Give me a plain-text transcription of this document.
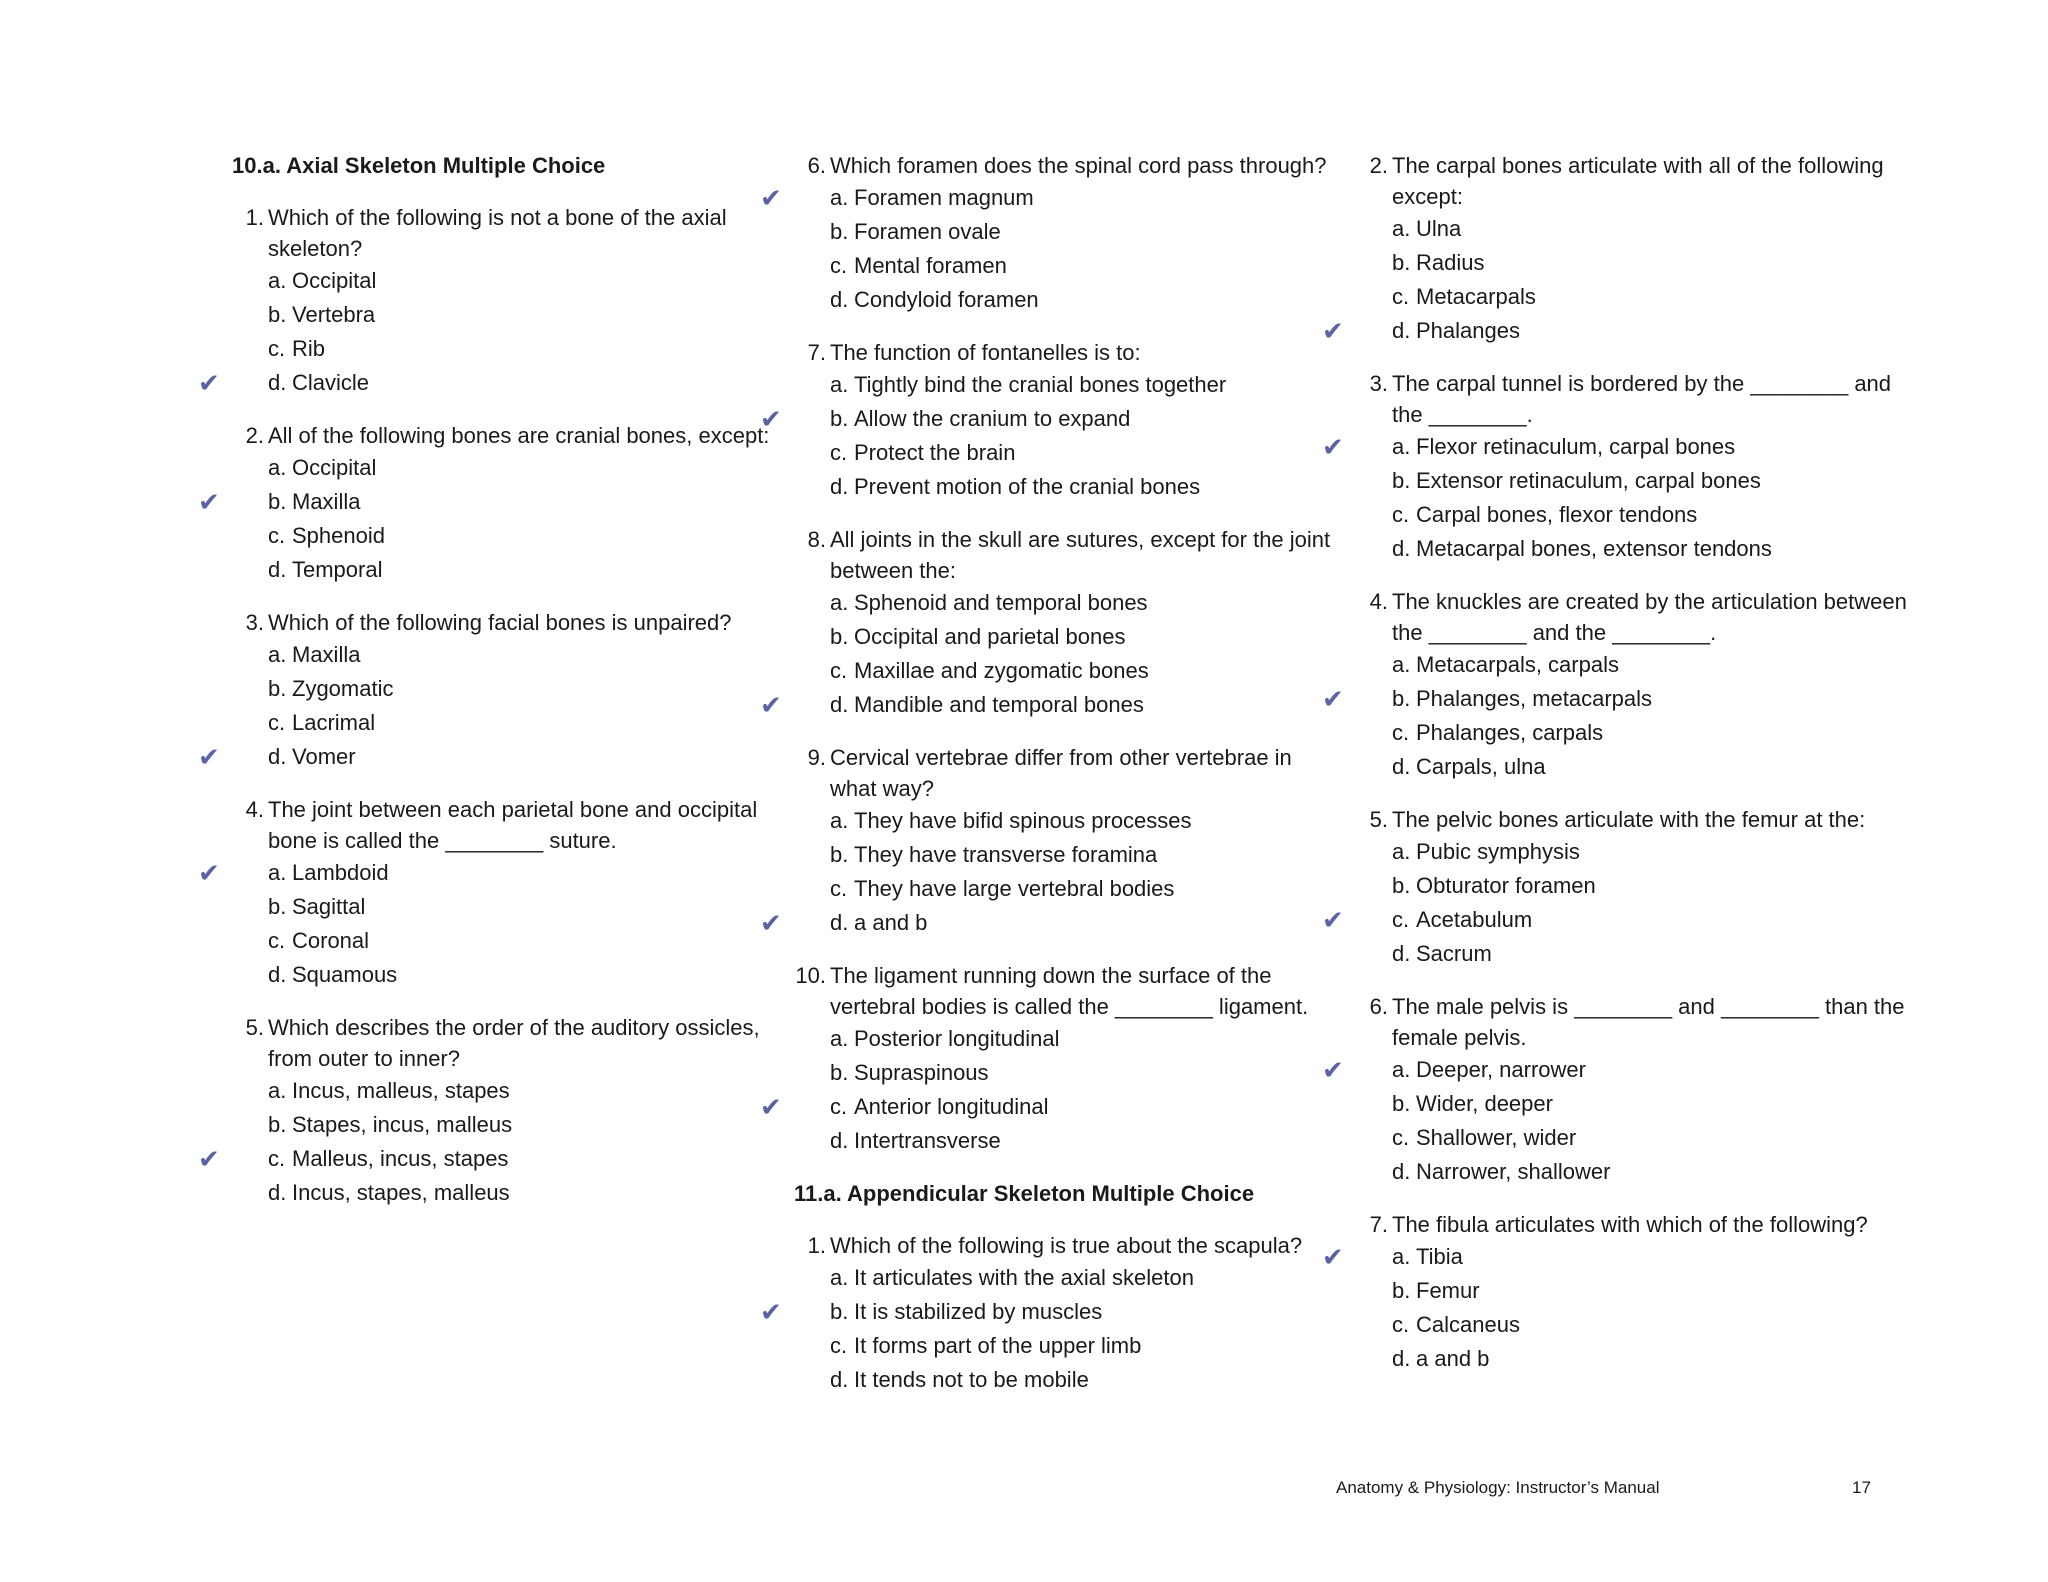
10.a. Axial Skeleton Multiple Choice
1. Which of the following is not a bone of the axial skeleton?
a. Occipital
b. Vertebra
c. Rib
✔ d. Clavicle
2. All of the following bones are cranial bones, except:
a. Occipital
✔ b. Maxilla
c. Sphenoid
d. Temporal
3. Which of the following facial bones is unpaired?
a. Maxilla
b. Zygomatic
c. Lacrimal
✔ d. Vomer
4. The joint between each parietal bone and occipital bone is called the ________ suture.
✔ a. Lambdoid
b. Sagittal
c. Coronal
d. Squamous
5. Which describes the order of the auditory ossicles, from outer to inner?
a. Incus, malleus, stapes
b. Stapes, incus, malleus
✔ c. Malleus, incus, stapes
d. Incus, stapes, malleus
6. Which foramen does the spinal cord pass through?
✔ a. Foramen magnum
b. Foramen ovale
c. Mental foramen
d. Condyloid foramen
7. The function of fontanelles is to:
a. Tightly bind the cranial bones together
✔ b. Allow the cranium to expand
c. Protect the brain
d. Prevent motion of the cranial bones
8. All joints in the skull are sutures, except for the joint between the:
a. Sphenoid and temporal bones
b. Occipital and parietal bones
c. Maxillae and zygomatic bones
✔ d. Mandible and temporal bones
9. Cervical vertebrae differ from other vertebrae in what way?
a. They have bifid spinous processes
b. They have transverse foramina
c. They have large vertebral bodies
✔ d. a and b
10. The ligament running down the surface of the vertebral bodies is called the ________ ligament.
a. Posterior longitudinal
b. Supraspinous
✔ c. Anterior longitudinal
d. Intertransverse
11.a. Appendicular Skeleton Multiple Choice
1. Which of the following is true about the scapula?
a. It articulates with the axial skeleton
✔ b. It is stabilized by muscles
c. It forms part of the upper limb
d. It tends not to be mobile
2. The carpal bones articulate with all of the following except:
a. Ulna
b. Radius
c. Metacarpals
✔ d. Phalanges
3. The carpal tunnel is bordered by the ________ and the ________.
✔ a. Flexor retinaculum, carpal bones
b. Extensor retinaculum, carpal bones
c. Carpal bones, flexor tendons
d. Metacarpal bones, extensor tendons
4. The knuckles are created by the articulation between the ________ and the ________.
a. Metacarpals, carpals
✔ b. Phalanges, metacarpals
c. Phalanges, carpals
d. Carpals, ulna
5. The pelvic bones articulate with the femur at the:
a. Pubic symphysis
b. Obturator foramen
✔ c. Acetabulum
d. Sacrum
6. The male pelvis is ________ and ________ than the female pelvis.
✔ a. Deeper, narrower
b. Wider, deeper
c. Shallower, wider
d. Narrower, shallower
7. The fibula articulates with which of the following?
✔ a. Tibia
b. Femur
c. Calcaneus
d. a and b
Anatomy & Physiology: Instructor’s Manual	17
